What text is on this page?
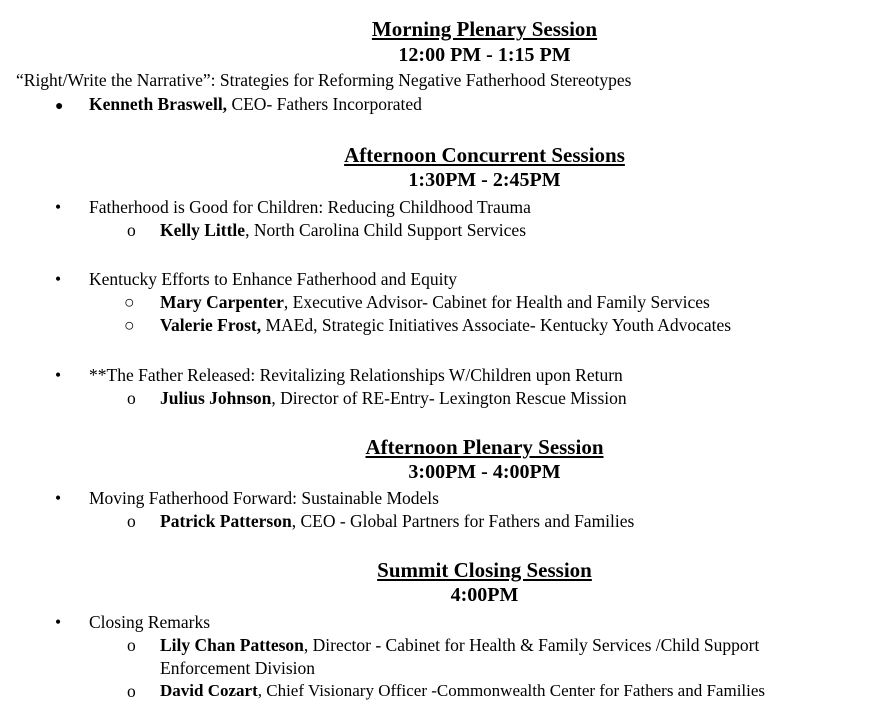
Morning Plenary Session
12:00 PM - 1:15 PM
“Right/Write the Narrative”: Strategies for Reforming Negative Fatherhood Stereotypes
● Kenneth Braswell, CEO- Fathers Incorporated
Afternoon Concurrent Sessions
1:30PM - 2:45PM
• Fatherhood is Good for Children: Reducing Childhood Trauma
o Kelly Little, North Carolina Child Support Services
• Kentucky Efforts to Enhance Fatherhood and Equity
○ Mary Carpenter, Executive Advisor- Cabinet for Health and Family Services
○ Valerie Frost, MAEd, Strategic Initiatives Associate- Kentucky Youth Advocates
• **The Father Released: Revitalizing Relationships W/Children upon Return
o Julius Johnson, Director of RE-Entry- Lexington Rescue Mission
Afternoon Plenary Session
3:00PM - 4:00PM
• Moving Fatherhood Forward: Sustainable Models
o Patrick Patterson, CEO - Global Partners for Fathers and Families
Summit Closing Session
4:00PM
• Closing Remarks
o Lily Chan Patteson, Director - Cabinet for Health & Family Services /Child Support
Enforcement Division
o David Cozart, Chief Visionary Officer -Commonwealth Center for Fathers and Families
